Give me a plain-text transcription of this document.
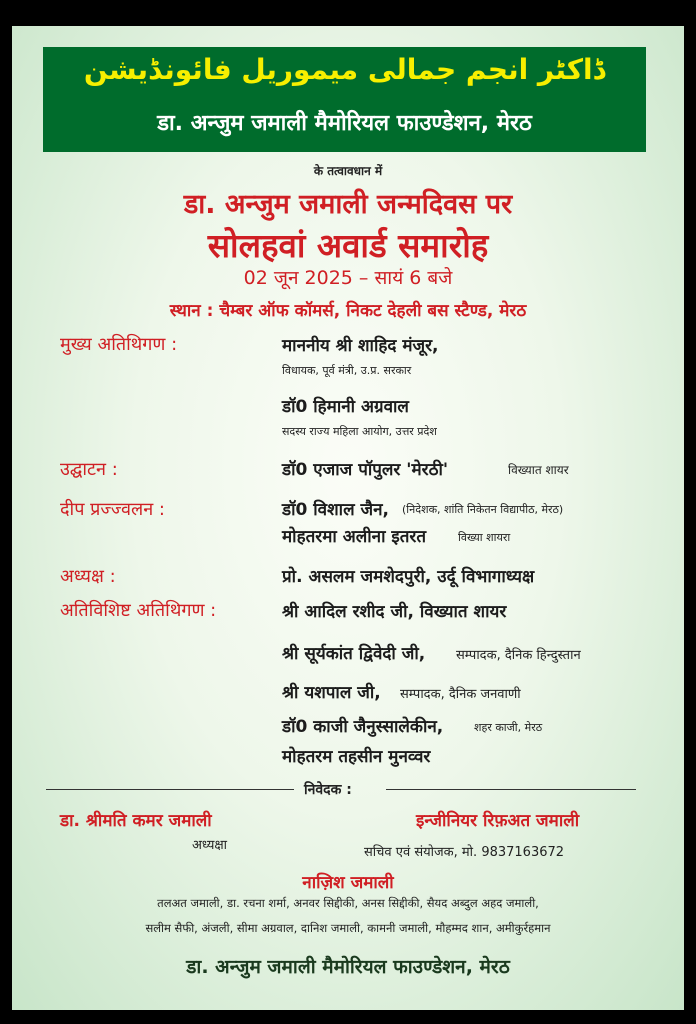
ڈاکٹر انجم جمالی میموریل فائونڈیشن
डा. अन्जुम जमाली मैमोरियल फाउण्डेशन, मेरठ
के तत्वावधान में
डा. अन्जुम जमाली जन्मदिवस पर
सोलहवां अवार्ड समारोह
02 जून 2025 – सायं 6 बजे
स्थान : चैम्बर ऑफ कॉमर्स, निकट देहली बस स्टैण्ड, मेरठ
मुख्य अतिथिगण :	माननीय श्री शाहिद मंजूर,
विधायक, पूर्व मंत्री, उ.प्र. सरकार
डॉ0 हिमानी अग्रवाल
सदस्य राज्य महिला आयोग, उत्तर प्रदेश
उद्घाटन :	डॉ0 एजाज पॉपुलर 'मेरठी'	विख्यात शायर
दीप प्रज्ज्वलन :	डॉ0 विशाल जैन, (निदेशक, शांति निकेतन विद्यापीठ, मेरठ)
मोहतरमा अलीना इतरत	विख्या शायरा
अध्यक्ष :	प्रो. असलम जमशेदपुरी, उर्दू विभागाध्यक्ष
अतिविशिष्ट अतिथिगण :	श्री आदिल रशीद जी, विख्यात शायर
श्री सूर्यकांत द्विवेदी जी, सम्पादक, दैनिक हिन्दुस्तान
श्री यशपाल जी, सम्पादक, दैनिक जनवाणी
डॉ0 काजी जैनुस्सालेकीन,	शहर काजी, मेरठ
मोहतरम तहसीन मुनव्वर
निवेदक :
डा. श्रीमति कमर जमाली
अध्यक्षा
इन्जीनियर रिफ़अत जमाली
सचिव एवं संयोजक, मो. 9837163672
नाज़िश जमाली
तलअत जमाली, डा. रचना शर्मा, अनवर सिद्दीकी, अनस सिद्दीकी, सैयद अब्दुल अहद जमाली,
सलीम सैफी, अंजली, सीमा अग्रवाल, दानिश जमाली, कामनी जमाली, मौहम्मद शान, अमीकुर्रहमान
डा. अन्जुम जमाली मैमोरियल फाउण्डेशन, मेरठ
